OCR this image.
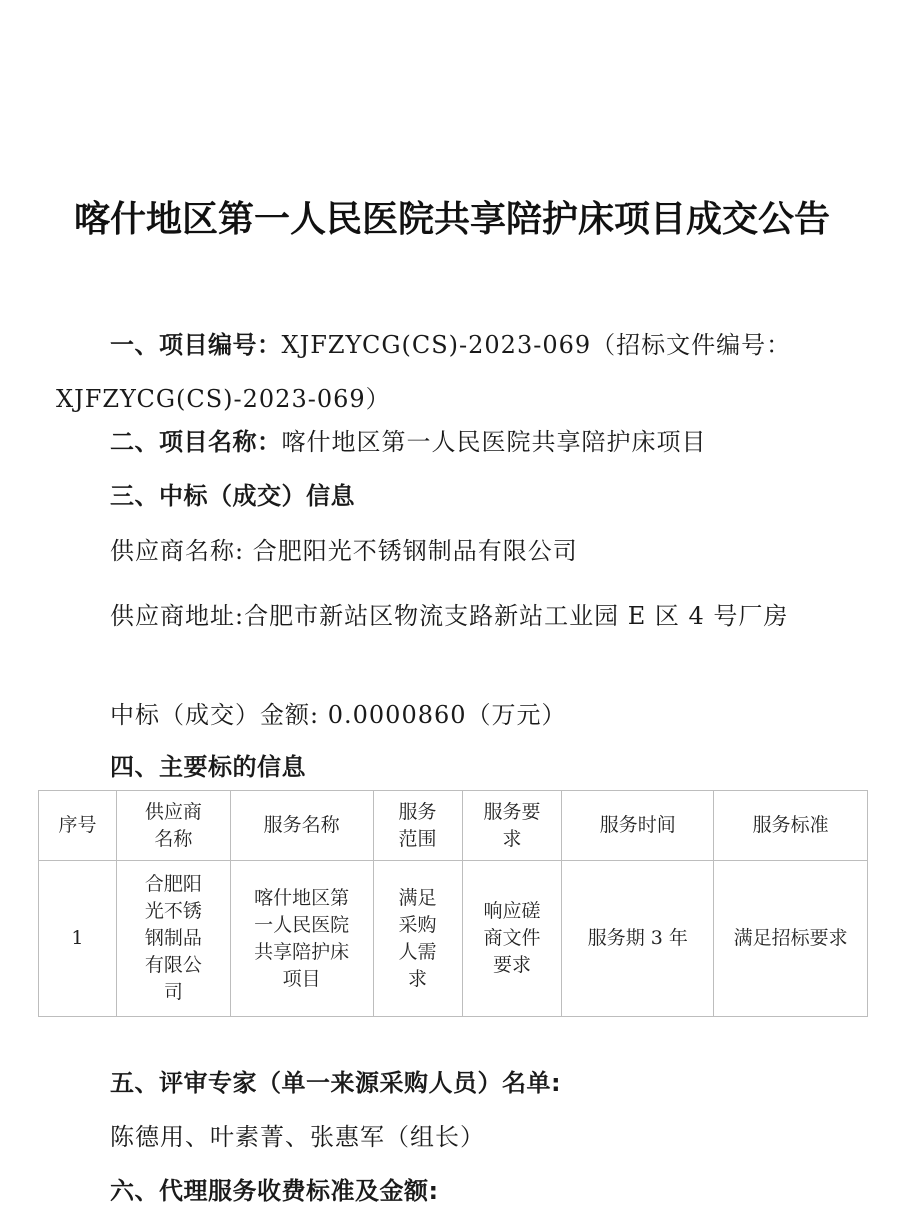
喀什地区第一人民医院共享陪护床项目成交公告
一、项目编号：XJFZYCG(CS)-2023-069（招标文件编号：XJFZYCG(CS)-2023-069）
二、项目名称：喀什地区第一人民医院共享陪护床项目
三、中标（成交）信息
供应商名称: 合肥阳光不锈钢制品有限公司
供应商地址:合肥市新站区物流支路新站工业园 E 区 4 号厂房
中标（成交）金额: 0.0000860（万元）
四、主要标的信息
序号	供应商名称	服务名称	服务范围	服务要求	服务时间	服务标准
1	合肥阳光不锈钢制品有限公司	喀什地区第一人民医院共享陪护床项目	满足采购人需求	响应磋商文件要求	服务期 3 年	满足招标要求
五、评审专家（单一来源采购人员）名单:
陈德用、叶素菁、张惠军（组长）
六、代理服务收费标准及金额:
